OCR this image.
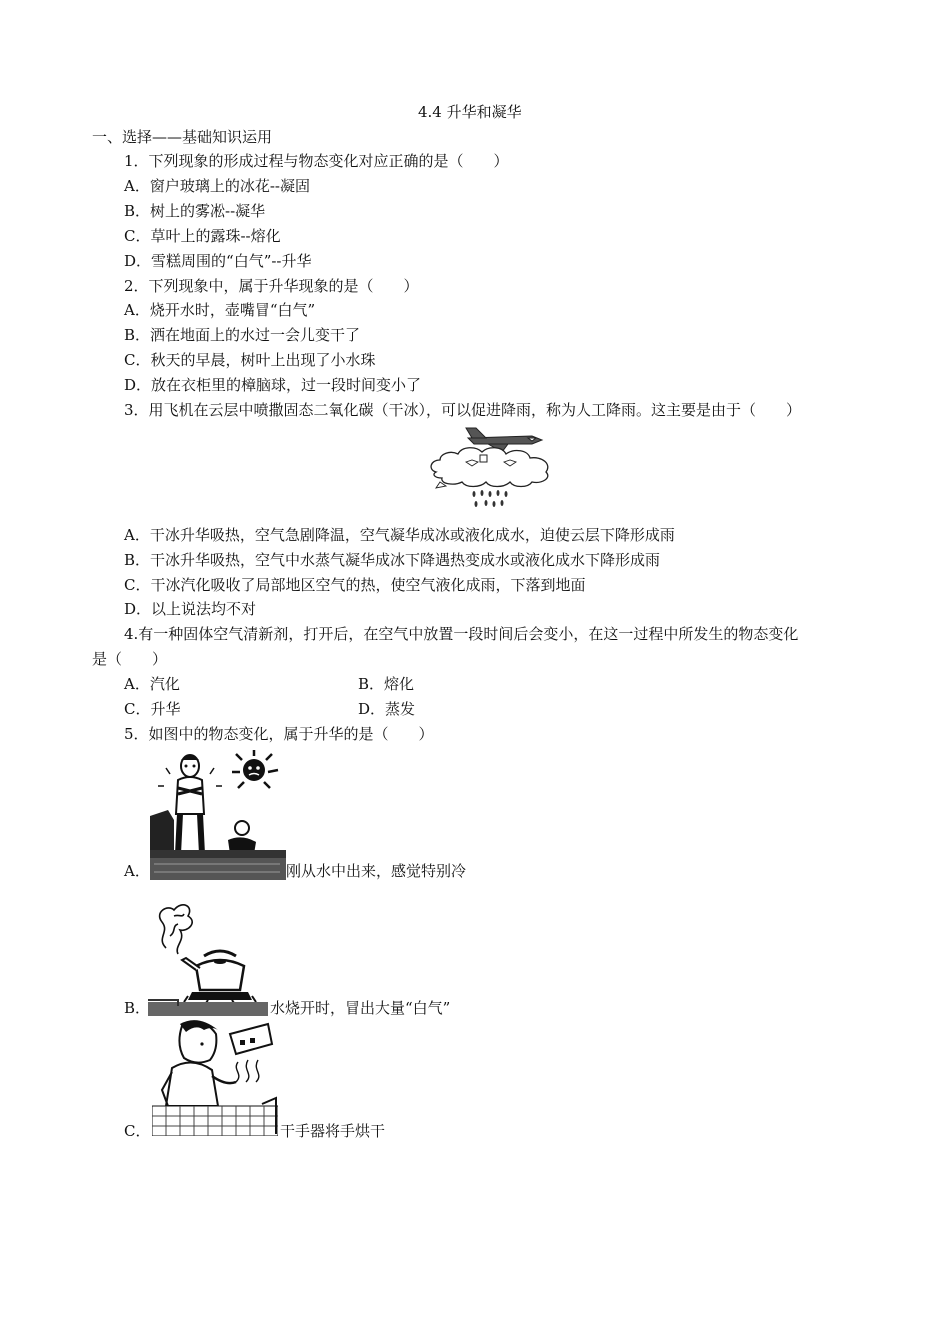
4.4 升华和凝华
一、选择——基础知识运用
1．下列现象的形成过程与物态变化对应正确的是（　　）
A．窗户玻璃上的冰花--凝固
B．树上的雾凇--凝华
C．草叶上的露珠--熔化
D．雪糕周围的“白气”--升华
2．下列现象中，属于升华现象的是（　　）
A．烧开水时，壶嘴冒“白气”
B．洒在地面上的水过一会儿变干了
C．秋天的早晨，树叶上出现了小水珠
D．放在衣柜里的樟脑球，过一段时间变小了
3．用飞机在云层中喷撒固态二氧化碳（干冰），可以促进降雨，称为人工降雨。这主要是由于（　　）
A．干冰升华吸热，空气急剧降温，空气凝华成冰或液化成水，迫使云层下降形成雨
B．干冰升华吸热，空气中水蒸气凝华成冰下降遇热变成水或液化成水下降形成雨
C．干冰汽化吸收了局部地区空气的热，使空气液化成雨，下落到地面
D．以上说法均不对
4.有一种固体空气清新剂，打开后，在空气中放置一段时间后会变小，在这一过程中所发生的物态变化
是（　　）
A．汽化	B．熔化
C．升华	D．蒸发
5．如图中的物态变化，属于升华的是（　　）
A．	刚从水中出来，感觉特别冷
B．	水烧开时，冒出大量“白气”
C．	干手器将手烘干
